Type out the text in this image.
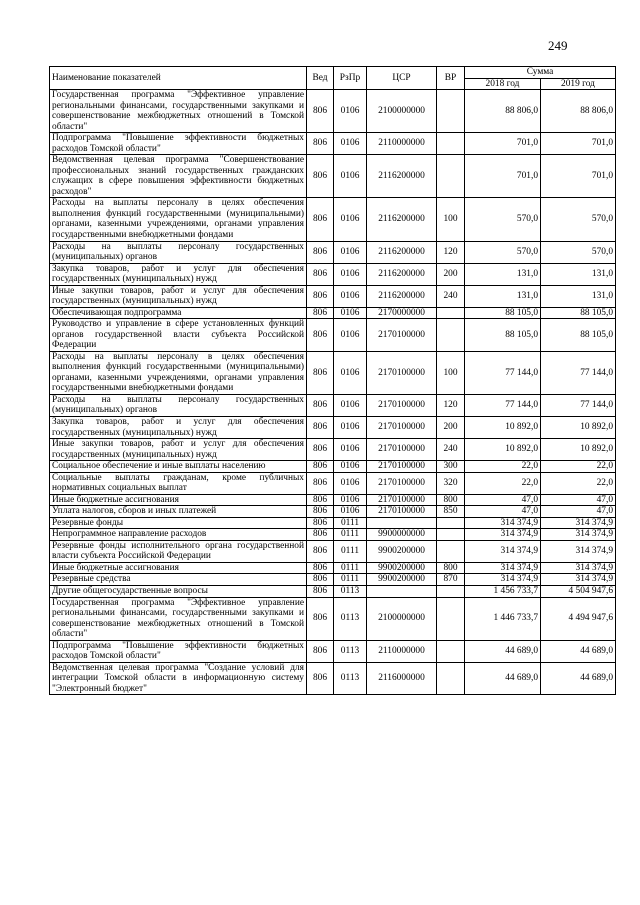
249
Наименование показателей	Вед	РзПр	ЦСР	ВР	Сумма	
					2018 год	2019 год
Государственная программа "Эффективное управление региональными финансами, государственными закупками и совершенствование межбюджетных отношений в Томской области"	806	0106	2100000000		88 806,0	88 806,0
Подпрограмма "Повышение эффективности бюджетных расходов Томской области"	806	0106	2110000000		701,0	701,0
Ведомственная целевая программа "Совершенствование профессиональных знаний государственных гражданских служащих в сфере повышения эффективности бюджетных расходов"	806	0106	2116200000		701,0	701,0
Расходы на выплаты персоналу в целях обеспечения выполнения функций государственными (муниципальными) органами, казенными учреждениями, органами управления государственными внебюджетными фондами	806	0106	2116200000	100	570,0	570,0
Расходы на выплаты персоналу государственных (муниципальных) органов	806	0106	2116200000	120	570,0	570,0
Закупка товаров, работ и услуг для обеспечения государственных (муниципальных) нужд	806	0106	2116200000	200	131,0	131,0
Иные закупки товаров, работ и услуг для обеспечения государственных (муниципальных) нужд	806	0106	2116200000	240	131,0	131,0
Обеспечивающая подпрограмма	806	0106	2170000000		88 105,0	88 105,0
Руководство и управление в сфере установленных функций органов государственной власти субъекта Российской Федерации	806	0106	2170100000		88 105,0	88 105,0
Расходы на выплаты персоналу в целях обеспечения выполнения функций государственными (муниципальными) органами, казенными учреждениями, органами управления государственными внебюджетными фондами	806	0106	2170100000	100	77 144,0	77 144,0
Расходы на выплаты персоналу государственных (муниципальных) органов	806	0106	2170100000	120	77 144,0	77 144,0
Закупка товаров, работ и услуг для обеспечения государственных (муниципальных) нужд	806	0106	2170100000	200	10 892,0	10 892,0
Иные закупки товаров, работ и услуг для обеспечения государственных (муниципальных) нужд	806	0106	2170100000	240	10 892,0	10 892,0
Социальное обеспечение и иные выплаты населению	806	0106	2170100000	300	22,0	22,0
Социальные выплаты гражданам, кроме публичных нормативных социальных выплат	806	0106	2170100000	320	22,0	22,0
Иные бюджетные ассигнования	806	0106	2170100000	800	47,0	47,0
Уплата налогов, сборов и иных платежей	806	0106	2170100000	850	47,0	47,0
Резервные фонды	806	0111			314 374,9	314 374,9
Непрограммное направление расходов	806	0111	9900000000		314 374,9	314 374,9
Резервные фонды исполнительного органа государственной власти субъекта Российской Федерации	806	0111	9900200000		314 374,9	314 374,9
Иные бюджетные ассигнования	806	0111	9900200000	800	314 374,9	314 374,9
Резервные средства	806	0111	9900200000	870	314 374,9	314 374,9
Другие общегосударственные вопросы	806	0113			1 456 733,7	4 504 947,6
Государственная программа "Эффективное управление региональными финансами, государственными закупками и совершенствование межбюджетных отношений в Томской области"	806	0113	2100000000		1 446 733,7	4 494 947,6
Подпрограмма "Повышение эффективности бюджетных расходов Томской области"	806	0113	2110000000		44 689,0	44 689,0
Ведомственная целевая программа "Создание условий для интеграции Томской области в информационную систему "Электронный бюджет"	806	0113	2116000000		44 689,0	44 689,0
